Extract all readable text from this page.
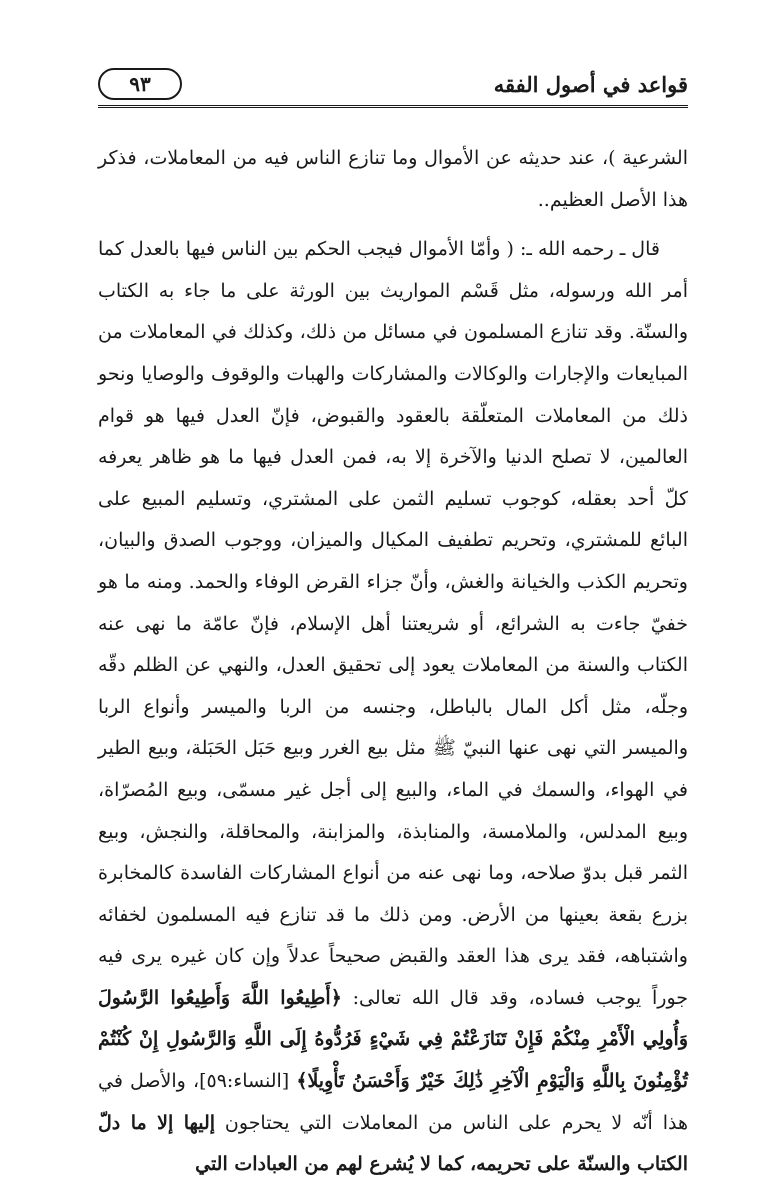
قواعد في أصول الفقه
٩٣

الشرعية )، عند حديثه عن الأموال وما تنازع الناس فيه من المعاملات، فذكر هذا الأصل العظيم..

قال ـ رحمه الله ـ: ( وأمّا الأموال فيجب الحكم بين الناس فيها بالعدل كما أمر الله ورسوله، مثل قَسْم المواريث بين الورثة على ما جاء به الكتاب والسنّة. وقد تنازع المسلمون في مسائل من ذلك، وكذلك في المعاملات من المبايعات والإجارات والوكالات والمشاركات والهبات والوقوف والوصايا ونحو ذلك من المعاملات المتعلّقة بالعقود والقبوض، فإنّ العدل فيها هو قوام العالمين، لا تصلح الدنيا والآخرة إلا به، فمن العدل فيها ما هو ظاهر يعرفه كلّ أحد بعقله، كوجوب تسليم الثمن على المشتري، وتسليم المبيع على البائع للمشتري، وتحريم تطفيف المكيال والميزان، ووجوب الصدق والبيان، وتحريم الكذب والخيانة والغش، وأنّ جزاء القرض الوفاء والحمد. ومنه ما هو خفيّ جاءت به الشرائع، أو شريعتنا أهل الإسلام، فإنّ عامّة ما نهى عنه الكتاب والسنة من المعاملات يعود إلى تحقيق العدل، والنهي عن الظلم دقّه وجلّه، مثل أكل المال بالباطل، وجنسه من الربا والميسر وأنواع الربا والميسر التي نهى عنها النبيّ ﷺ مثل بيع الغرر وبيع حَبَل الحَبَلة، وبيع الطير في الهواء، والسمك في الماء، والبيع إلى أجل غير مسمّى، وبيع المُصرّاة، وبيع المدلس، والملامسة، والمنابذة، والمزابنة، والمحاقلة، والنجش، وبيع الثمر قبل بدوّ صلاحه، وما نهى عنه من أنواع المشاركات الفاسدة كالمخابرة بزرع بقعة بعينها من الأرض. ومن ذلك ما قد تنازع فيه المسلمون لخفائه واشتباهه، فقد يرى هذا العقد والقبض صحيحاً عدلاً وإن كان غيره يرى فيه جوراً يوجب فساده، وقد قال الله تعالى: ﴿أَطِيعُوا اللَّهَ وَأَطِيعُوا الرَّسُولَ وَأُولِي الْأَمْرِ مِنْكُمْ فَإِنْ تَنَازَعْتُمْ فِي شَيْءٍ فَرُدُّوهُ إِلَى اللَّهِ وَالرَّسُولِ إِنْ كُنْتُمْ تُؤْمِنُونَ بِاللَّهِ وَالْيَوْمِ الْآخِرِ ذَٰلِكَ خَيْرٌ وَأَحْسَنُ تَأْوِيلًا﴾ [النساء:٥٩]، والأصل في هذا أنّه لا يحرم على الناس من المعاملات التي يحتاجون إليها إلا ما دلّ الكتاب والسنّة على تحريمه، كما لا يُشرع لهم من العبادات التي
